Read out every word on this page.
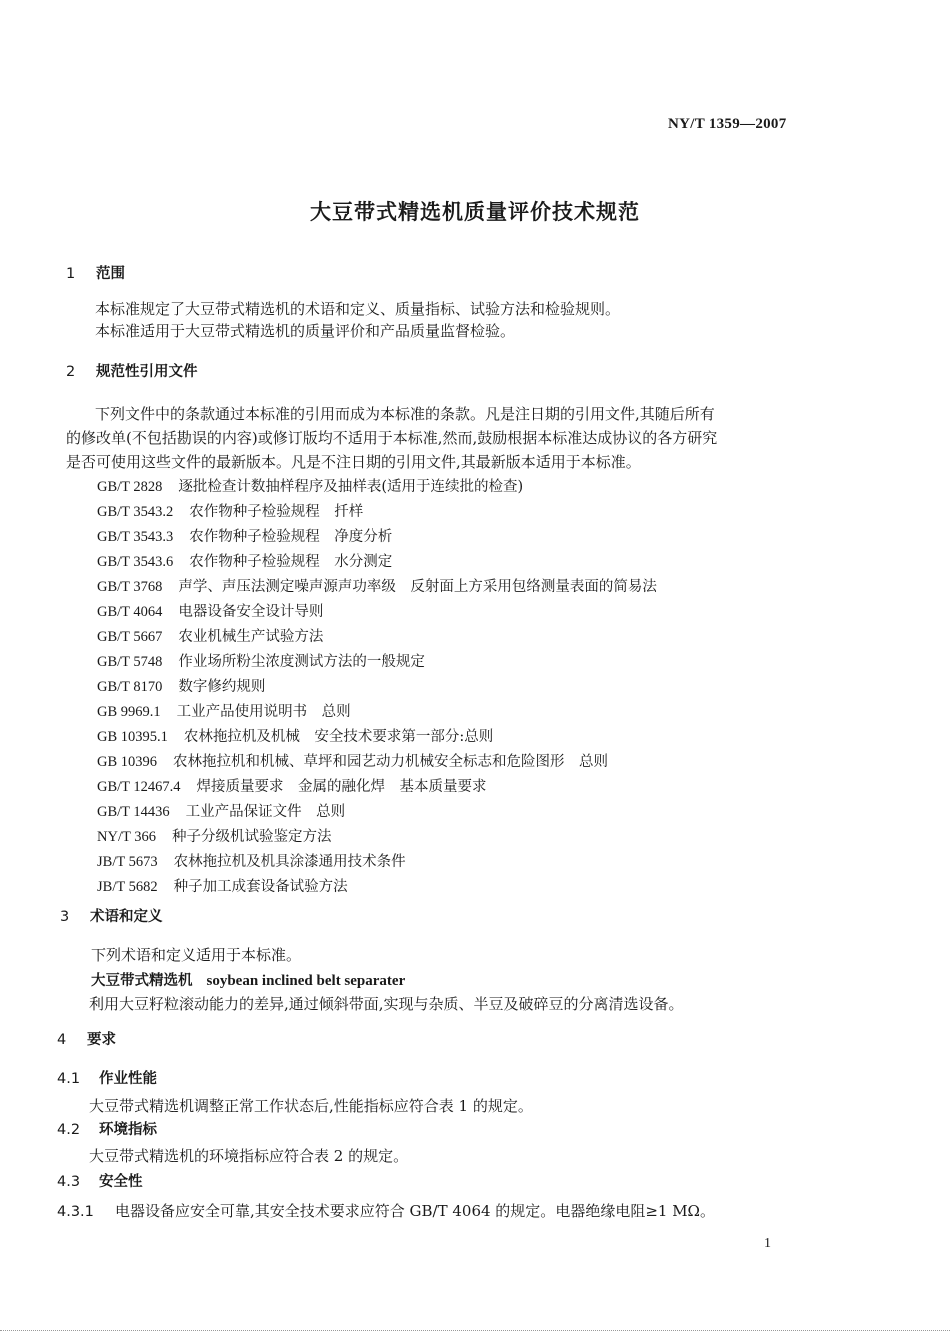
NY/T 1359—2007
大豆带式精选机质量评价技术规范
1 范围
本标准规定了大豆带式精选机的术语和定义、质量指标、试验方法和检验规则。
本标准适用于大豆带式精选机的质量评价和产品质量监督检验。
2 规范性引用文件
下列文件中的条款通过本标准的引用而成为本标准的条款。凡是注日期的引用文件,其随后所有
的修改单(不包括勘误的内容)或修订版均不适用于本标准,然而,鼓励根据本标准达成协议的各方研究
是否可使用这些文件的最新版本。凡是不注日期的引用文件,其最新版本适用于本标准。
GB/T 2828 逐批检查计数抽样程序及抽样表(适用于连续批的检查)
GB/T 3543.2 农作物种子检验规程　扦样
GB/T 3543.3 农作物种子检验规程　净度分析
GB/T 3543.6 农作物种子检验规程　水分测定
GB/T 3768 声学、声压法测定噪声源声功率级　反射面上方采用包络测量表面的简易法
GB/T 4064 电器设备安全设计导则
GB/T 5667 农业机械生产试验方法
GB/T 5748 作业场所粉尘浓度测试方法的一般规定
GB/T 8170 数字修约规则
GB 9969.1 工业产品使用说明书　总则
GB 10395.1 农林拖拉机及机械　安全技术要求第一部分:总则
GB 10396 农林拖拉机和机械、草坪和园艺动力机械安全标志和危险图形　总则
GB/T 12467.4 焊接质量要求　金属的融化焊　基本质量要求
GB/T 14436 工业产品保证文件　总则
NY/T 366 种子分级机试验鉴定方法
JB/T 5673 农林拖拉机及机具涂漆通用技术条件
JB/T 5682 种子加工成套设备试验方法
3 术语和定义
下列术语和定义适用于本标准。
大豆带式精选机 soybean inclined belt separater
利用大豆籽粒滚动能力的差异,通过倾斜带面,实现与杂质、半豆及破碎豆的分离清选设备。
4 要求
4.1 作业性能
大豆带式精选机调整正常工作状态后,性能指标应符合表 1 的规定。
4.2 环境指标
大豆带式精选机的环境指标应符合表 2 的规定。
4.3 安全性
4.3.1 电器设备应安全可靠,其安全技术要求应符合 GB/T 4064 的规定。电器绝缘电阻≥1 MΩ。
1
